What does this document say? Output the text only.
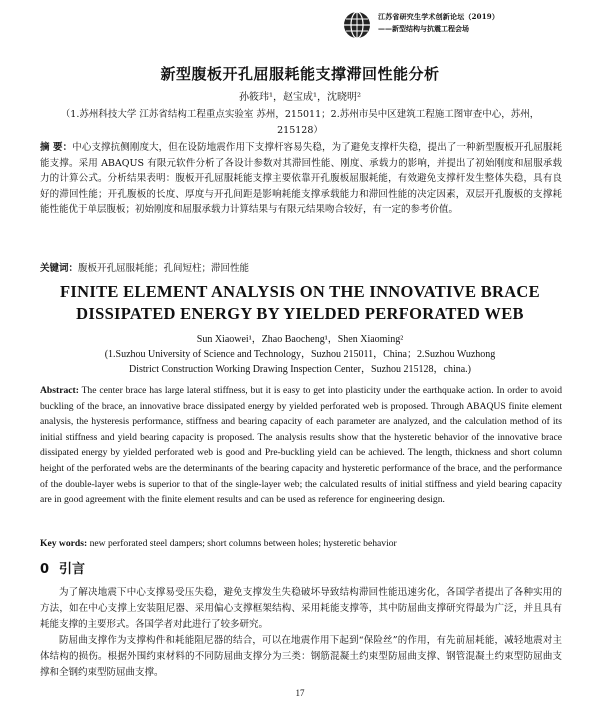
江苏省研究生学术创新论坛（2019）
——新型结构与抗震工程会场
新型腹板开孔屈服耗能支撑滞回性能分析
孙筱玮¹，赵宝成¹，沈晓明²
（1.苏州科技大学 江苏省结构工程重点实验室 苏州，215011；2.苏州市吴中区建筑工程施工图审查中心，苏州，215128）
摘 要：中心支撑抗侧刚度大，但在设防地震作用下支撑杆容易失稳，为了避免支撑杆失稳，提出了一种新型腹板开孔屈服耗能支撑。采用 ABAQUS 有限元软件分析了各设计参数对其滞回性能、刚度、承载力的影响，并提出了初始刚度和屈服承载力的计算公式。分析结果表明：腹板开孔屈服耗能支撑主要依靠开孔腹板屈服耗能，有效避免支撑杆发生整体失稳，具有良好的滞回性能；开孔腹板的长度、厚度与开孔间距是影响耗能支撑承载能力和滞回性能的决定因素，双层开孔腹板的支撑耗能性能优于单层腹板；初始刚度和屈服承载力计算结果与有限元结果吻合较好，有一定的参考价值。
关键词：腹板开孔屈服耗能；孔间短柱；滞回性能
FINITE ELEMENT ANALYSIS ON THE INNOVATIVE BRACE
DISSIPATED ENERGY BY YIELDED PERFORATED WEB
Sun Xiaowei¹，Zhao Baocheng¹，Shen Xiaoming²
(1.Suzhou University of Science and Technology，Suzhou 215011，China；2.Suzhou Wuzhong
District Construction Working Drawing Inspection Center，Suzhou 215128，china.)
Abstract: The center brace has large lateral stiffness, but it is easy to get into plasticity under the earthquake action. In order to avoid buckling of the brace, an innovative brace dissipated energy by yielded perforated web is proposed. Through ABAQUS finite element analysis, the hysteresis performance, stiffness and bearing capacity of each parameter are analyzed, and the calculation method of its initial stiffness and yield bearing capacity is proposed. The analysis results show that the hysteretic behavior of the innovative brace dissipated energy by yielded perforated web is good and Pre-buckling yield can be achieved. The length, thickness and short column height of the perforated webs are the determinants of the bearing capacity and hysteretic performance of the brace, and the performance of the double-layer webs is superior to that of the single-layer web; the calculated results of initial stiffness and yield bearing capacity are in good agreement with the finite element results and can be used as reference for engineering design.
Key words: new perforated steel dampers; short columns between holes; hysteretic behavior
0 引言

为了解决地震下中心支撑易受压失稳，避免支撑发生失稳破坏导致结构滞回性能迅速劣化，各国学者提出了各种实用的方法，如在中心支撑上安装阻尼器、采用偏心支撑框架结构、采用耗能支撑等，其中防屈曲支撑研究得最为广泛，并且具有耗能支撑的主要形式。各国学者对此进行了较多研究。

防屈曲支撑作为支撑构件和耗能阻尼器的结合，可以在地震作用下起到“保险丝”的作用，有先前屈耗能，减轻地震对主体结构的损伤。根据外围约束材料的不同防屈曲支撑分为三类：钢筋混凝土约束型防屈曲支撑、钢管混凝土约束型防屈曲支撑和全钢约束型防屈曲支撑。

17
